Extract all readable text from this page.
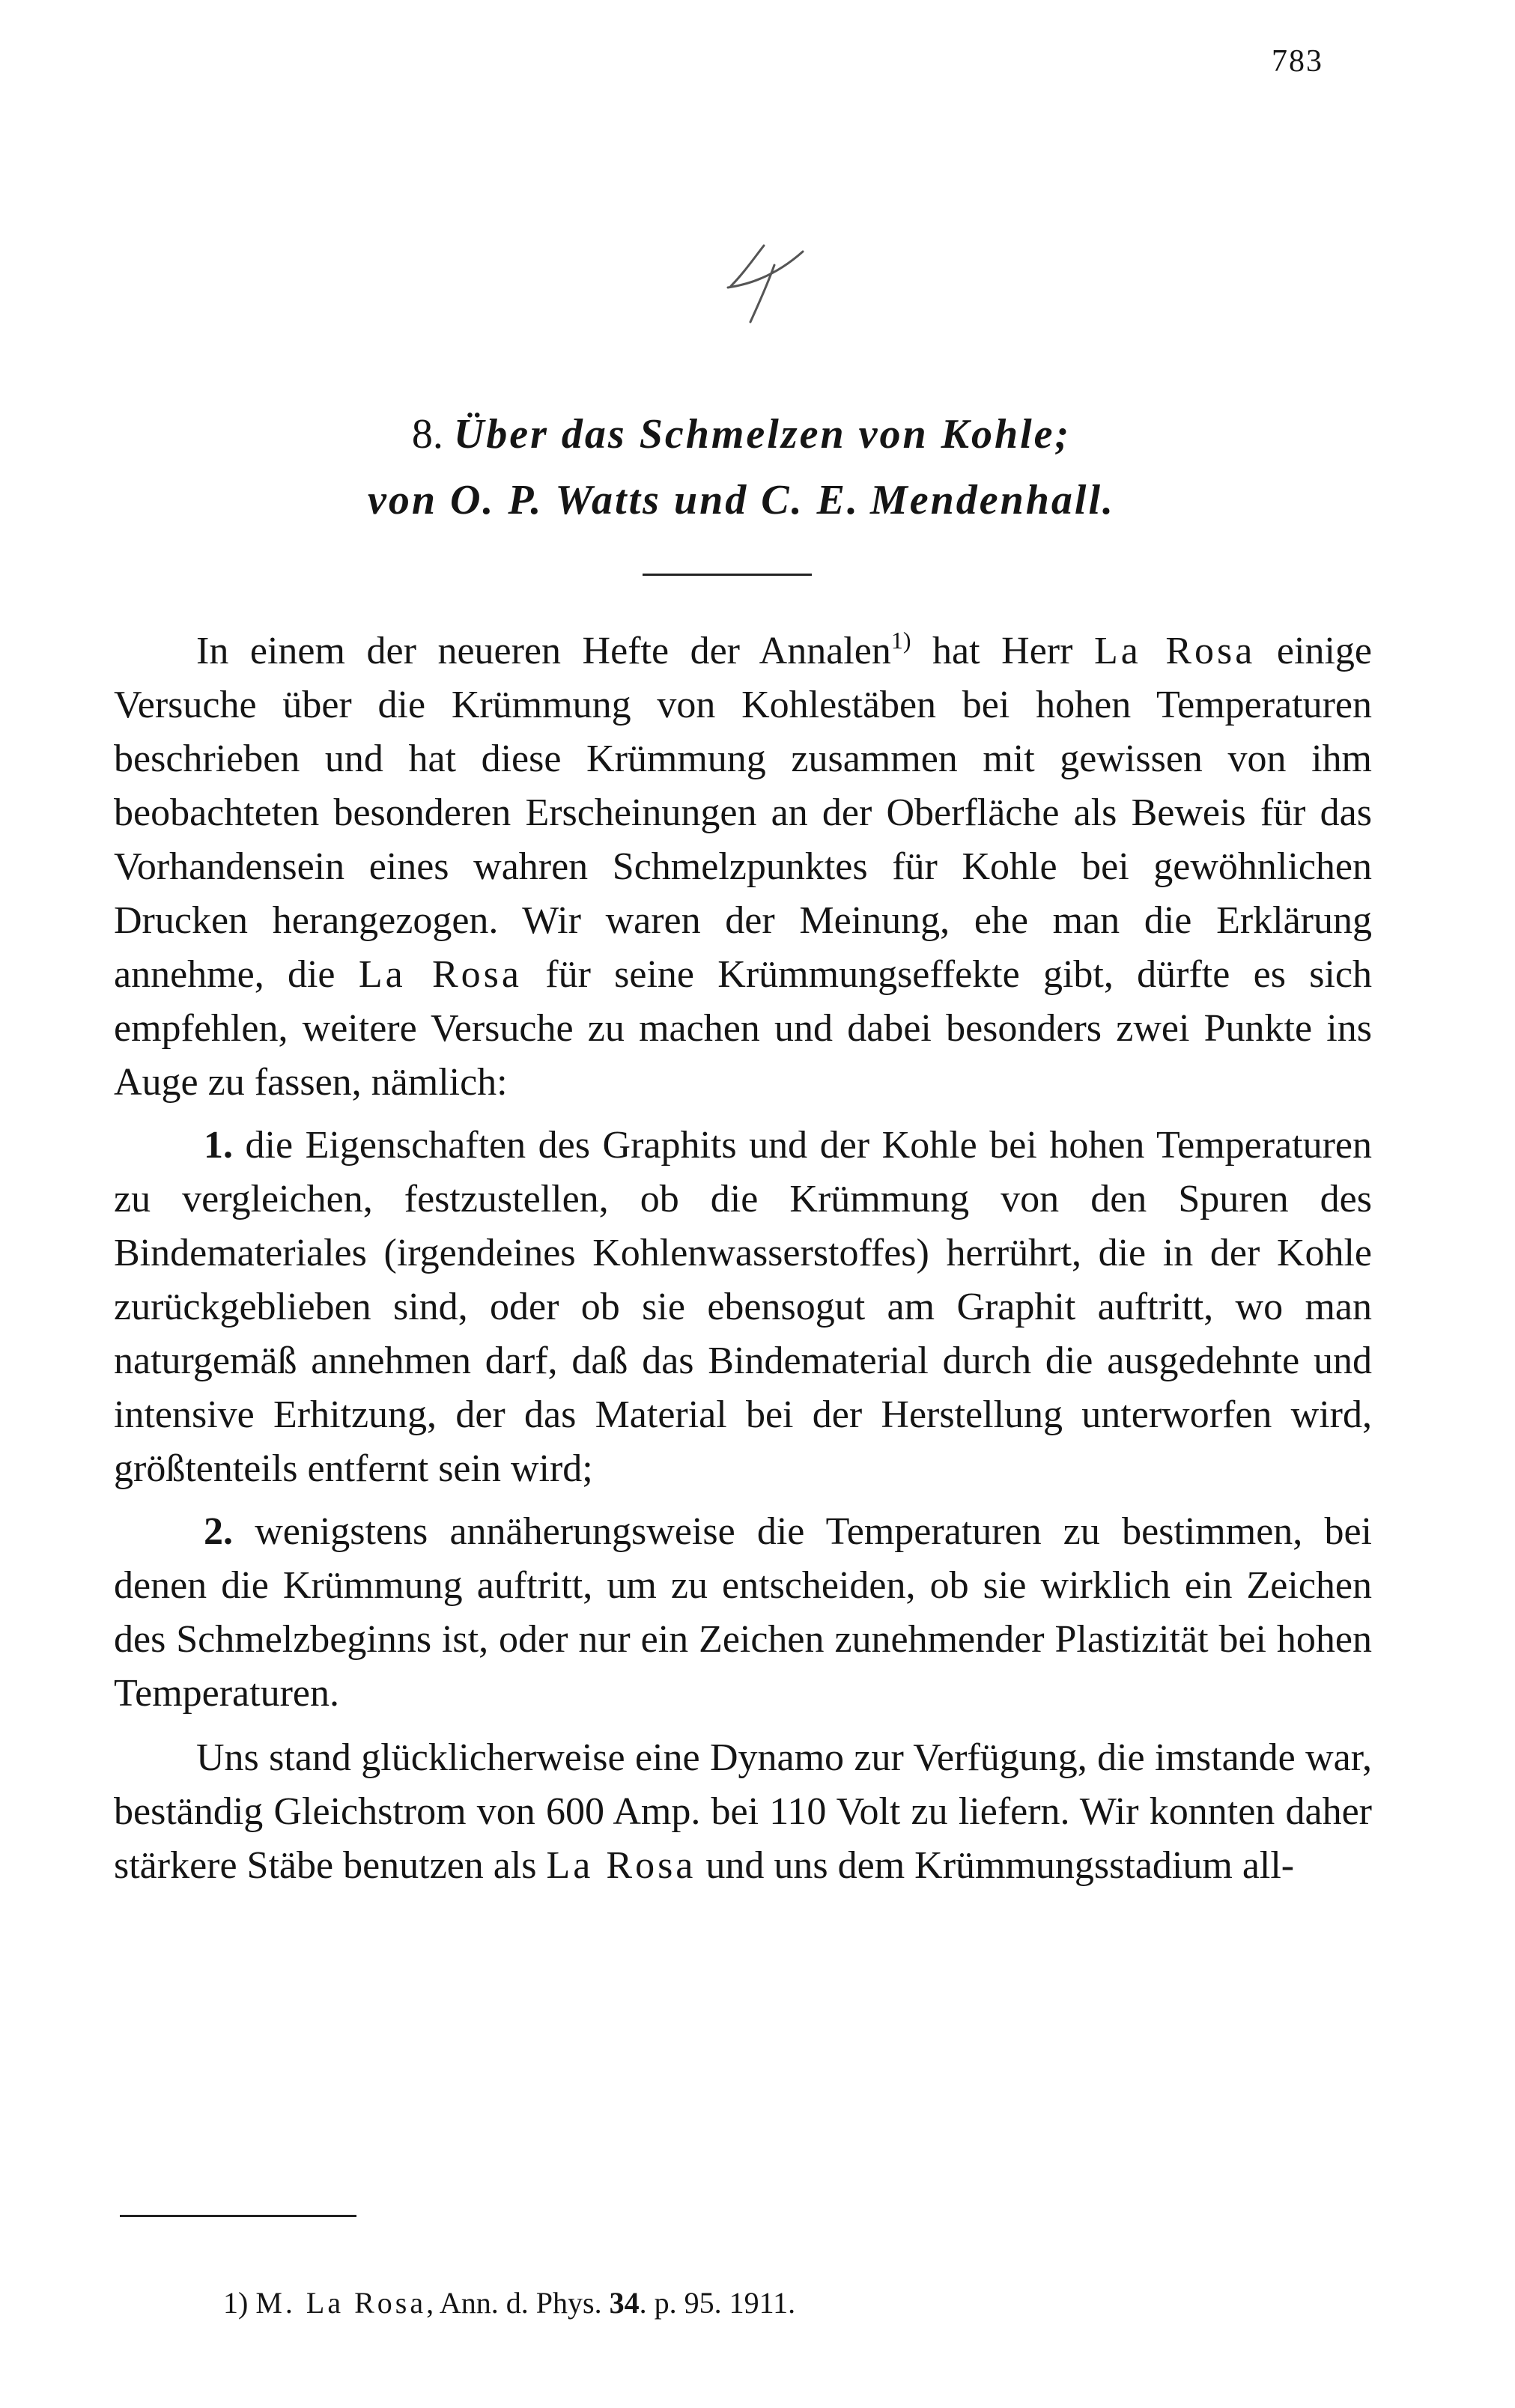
783
8. Über das Schmelzen von Kohle;
von O. P. Watts und C. E. Mendenhall.

In einem der neueren Hefte der Annalen$^{1)}$ hat Herr La Rosa einige Versuche über die Krümmung von Kohlestäben bei hohen Temperaturen beschrieben und hat diese Krümmung zusammen mit gewissen von ihm beobachteten besonderen Erscheinungen an der Oberfläche als Beweis für das Vorhandensein eines wahren Schmelzpunktes für Kohle bei gewöhnlichen Drucken herangezogen. Wir waren der Meinung, ehe man die Erklärung annehme, die La Rosa für seine Krümmungseffekte gibt, dürfte es sich empfehlen, weitere Versuche zu machen und dabei besonders zwei Punkte ins Auge zu fassen, nämlich:

1. die Eigenschaften des Graphits und der Kohle bei hohen Temperaturen zu vergleichen, festzustellen, ob die Krümmung von den Spuren des Bindemateriales (irgendeines Kohlenwasserstoffes) herrührt, die in der Kohle zurückgeblieben sind, oder ob sie ebensogut am Graphit auftritt, wo man naturgemäß annehmen darf, daß das Bindematerial durch die ausgedehnte und intensive Erhitzung, der das Material bei der Herstellung unterworfen wird, größtenteils entfernt sein wird;

2. wenigstens annäherungsweise die Temperaturen zu bestimmen, bei denen die Krümmung auftritt, um zu entscheiden, ob sie wirklich ein Zeichen des Schmelzbeginns ist, oder nur ein Zeichen zunehmender Plastizität bei hohen Temperaturen.

Uns stand glücklicherweise eine Dynamo zur Verfügung, die imstande war, beständig Gleichstrom von 600 Amp. bei 110 Volt zu liefern. Wir konnten daher stärkere Stäbe benutzen als La Rosa und uns dem Krümmungsstadium all-

1) M. La Rosa, Ann. d. Phys. 34. p. 95. 1911.
